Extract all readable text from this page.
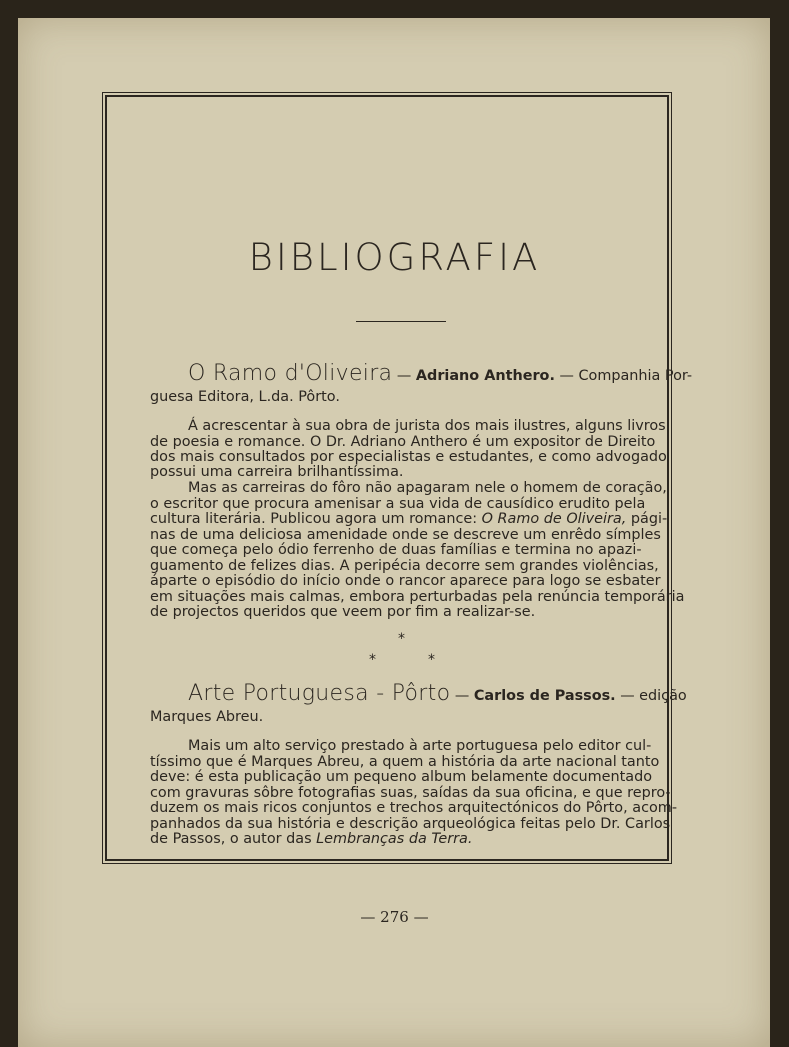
BIBLIOGRAFIA
O Ramo d'Oliveira — Adriano Anthero. — Companhia Por-
guesa Editora, L.da. Pôrto.
Á acrescentar à sua obra de jurista dos mais ilustres, alguns livros
de poesia e romance. O Dr. Adriano Anthero é um expositor de Direito
dos mais consultados por especialistas e estudantes, e como advogado
possui uma carreira brilhantíssima.
Mas as carreiras do fôro não apagaram nele o homem de coração,
o escritor que procura amenisar a sua vida de causídico erudito pela
cultura literária. Publicou agora um romance: O Ramo de Oliveira, pági-
nas de uma deliciosa amenidade onde se descreve um enrêdo símples
que começa pelo ódio ferrenho de duas famílias e termina no apazi-
guamento de felizes dias. A peripécia decorre sem grandes violências,
áparte o episódio do início onde o rancor aparece para logo se esbater
em situações mais calmas, embora perturbadas pela renúncia temporária
de projectos queridos que veem por fim a realizar-se.
*
*	*
Arte Portuguesa - Pôrto — Carlos de Passos. — edição
Marques Abreu.
Mais um alto serviço prestado à arte portuguesa pelo editor cul-
tíssimo que é Marques Abreu, a quem a história da arte nacional tanto
deve: é esta publicação um pequeno album belamente documentado
com gravuras sôbre fotografias suas, saídas da sua oficina, e que repro-
duzem os mais ricos conjuntos e trechos arquitectónicos do Pôrto, acom-
panhados da sua história e descrição arqueológica feitas pelo Dr. Carlos
de Passos, o autor das Lembranças da Terra.
— 276 —
